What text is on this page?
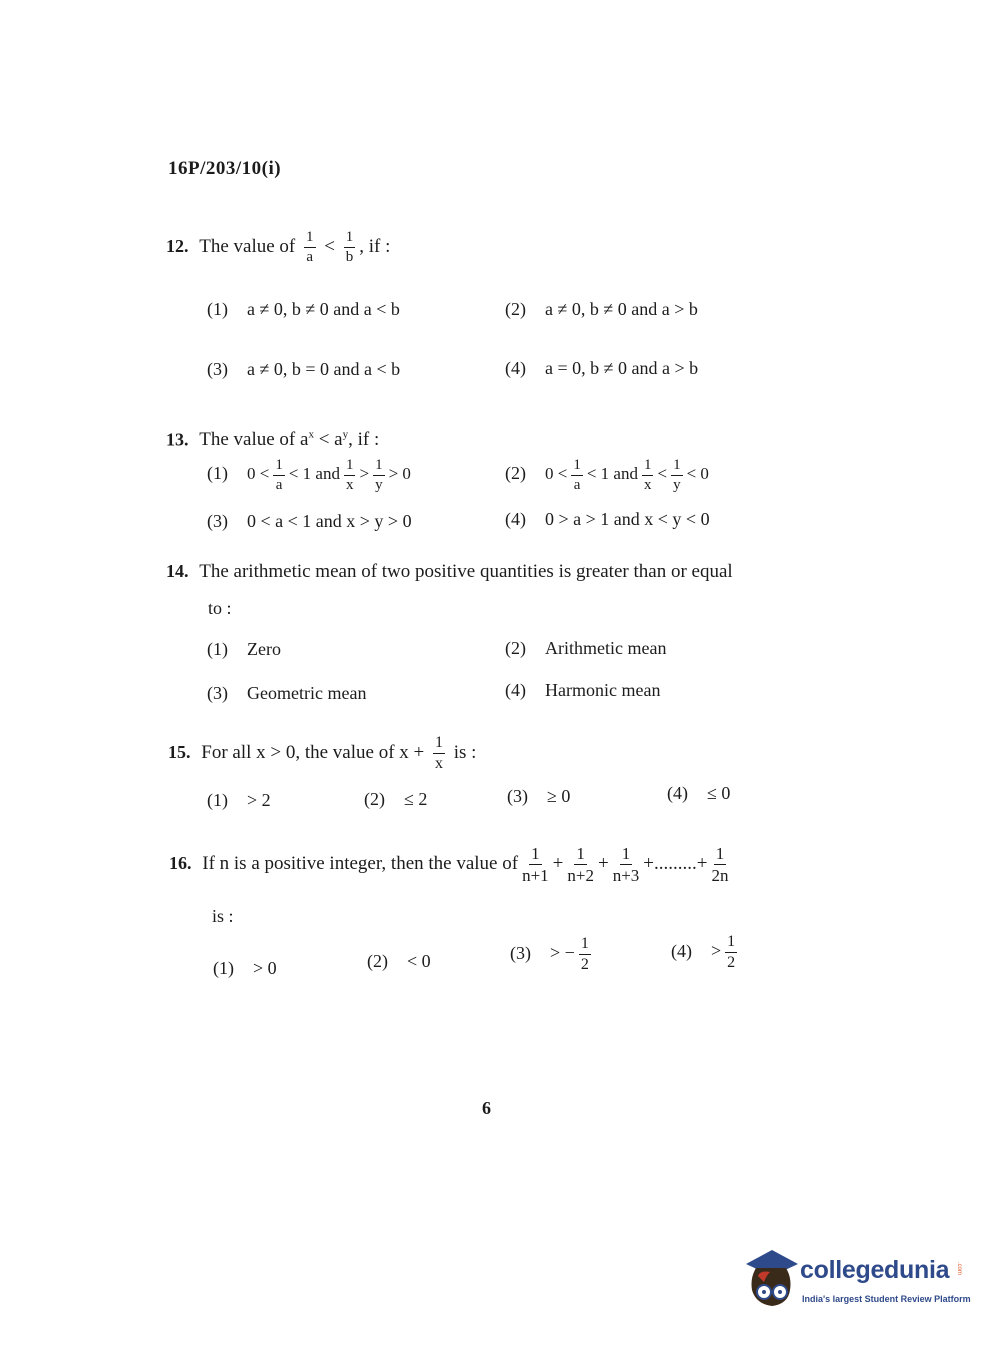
16P/203/10(i)
12. The value of $\frac{1}{a} < \frac{1}{b}$ , if :
(1) a ≠ 0, b ≠ 0 and a < b	(2) a ≠ 0, b ≠ 0 and a > b
(3) a ≠ 0, b = 0 and a < b	(4) a = 0, b ≠ 0 and a > b
13. The value of $a^x < a^y$, if :
(1) $0 < \frac{1}{a} < 1$ and $\frac{1}{x} > \frac{1}{y} > 0$	(2) $0 < \frac{1}{a} < 1$ and $\frac{1}{x} < \frac{1}{y} < 0$
(3) 0 < a < 1 and x > y > 0	(4) 0 > a > 1 and x < y < 0
14. The arithmetic mean of two positive quantities is greater than or equal
to :
(1) Zero	(2) Arithmetic mean
(3) Geometric mean	(4) Harmonic mean
15. For all x > 0, the value of $x + \frac{1}{x}$ is :
(1) > 2	(2) ≤ 2	(3) ≥ 0	(4) ≤ 0
16. If n is a positive integer, then the value of $\frac{1}{n+1} + \frac{1}{n+2} + \frac{1}{n+3}$ +.........+ $\frac{1}{2n}$
is :
(1) > 0	(2) < 0	(3) > − $\frac{1}{2}$	$(4) > \frac{1}{2}$
6
collegedunia .com
India's largest Student Review Platform
